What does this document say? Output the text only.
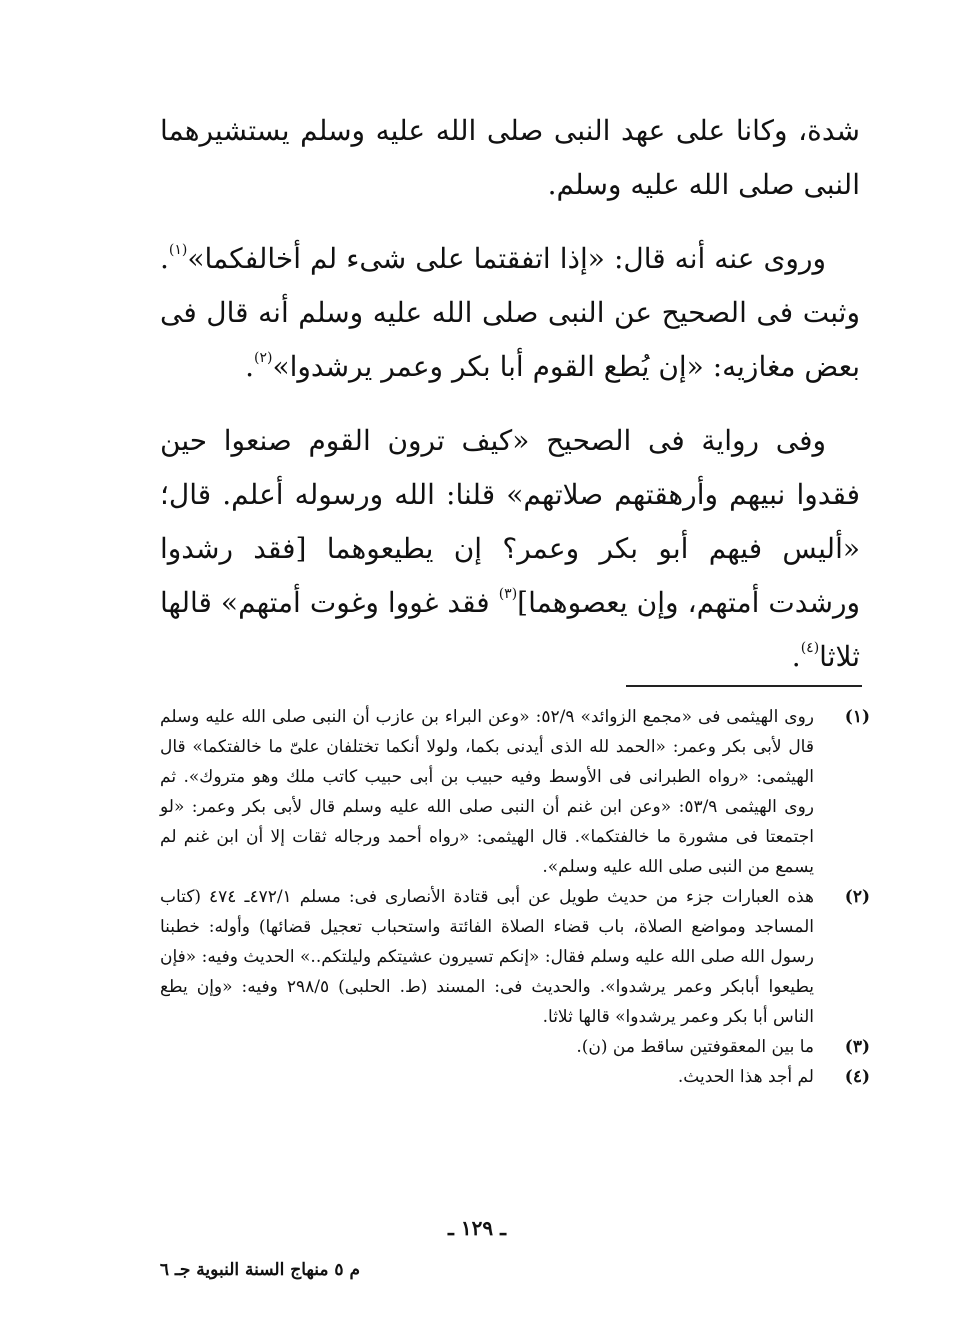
شدة، وكانا على عهد النبى صلى الله عليه وسلم يستشيرهما النبى صلى الله عليه وسلم.

وروى عنه أنه قال: «إذا اتفقتما على شىء لم أخالفكما»$^{(١)}$. وثبت فى الصحيح عن النبى صلى الله عليه وسلم أنه قال فى بعض مغازيه: «إن يُطع القوم أبا بكر وعمر يرشدوا»$^{(٢)}$.

وفى رواية فى الصحيح «كيف ترون القوم صنعوا حين فقدوا نبيهم وأرهقتهم صلاتهم» قلنا: الله ورسوله أعلم. قال؛ «أليس فيهم أبو بكر وعمر؟ إن يطيعوهما [فقد رشدوا ورشدت أمتهم، وإن يعصوهما]$^{(٣)}$ فقد غووا وغوت أمتهم» قالها ثلاثا$^{(٤)}$.

(١)
روى الهيثمى فى «مجمع الزوائد» ٥٢/٩: «وعن البراء بن عازب أن النبى صلى الله عليه وسلم قال لأبى بكر وعمر: «الحمد لله الذى أيدنى بكما، ولولا أنكما تختلفان علىّ ما خالفتكما» قال الهيثمى: «رواه الطبرانى فى الأوسط وفيه حبيب بن أبى حبيب كاتب ملك وهو متروك». ثم روى الهيثمى ٥٣/٩: «وعن ابن غنم أن النبى صلى الله عليه وسلم قال لأبى بكر وعمر: «لو اجتمعتا فى مشورة ما خالفتكما». قال الهيثمى: «رواه أحمد ورجاله ثقات إلا أن ابن غنم لم يسمع من النبى صلى الله عليه وسلم».
(٢)
هذه العبارات جزء من حديث طويل عن أبى قتادة الأنصارى فى: مسلم ٤٧٢/١ـ ٤٧٤ (كتاب المساجد ومواضع الصلاة، باب قضاء الصلاة الفائتة واستحباب تعجيل قضائها) وأوله: خطبنا رسول الله صلى الله عليه وسلم فقال: «إنكم تسيرون عشيتكم وليلتكم..» الحديث وفيه: «فإن يطيعوا أبابكر وعمر يرشدوا». والحديث فى: المسند (ط. الحلبى) ٢٩٨/٥ وفيه: «وإن يطع الناس أبا بكر وعمر يرشدوا» قالها ثلاثا.
(٣)
ما بين المعقوفتين ساقط من (ن).
(٤)
لم أجد هذا الحديث.
ـ ١٢٩ ـ
م ٥ منهاج السنة النبوية جـ ٦
